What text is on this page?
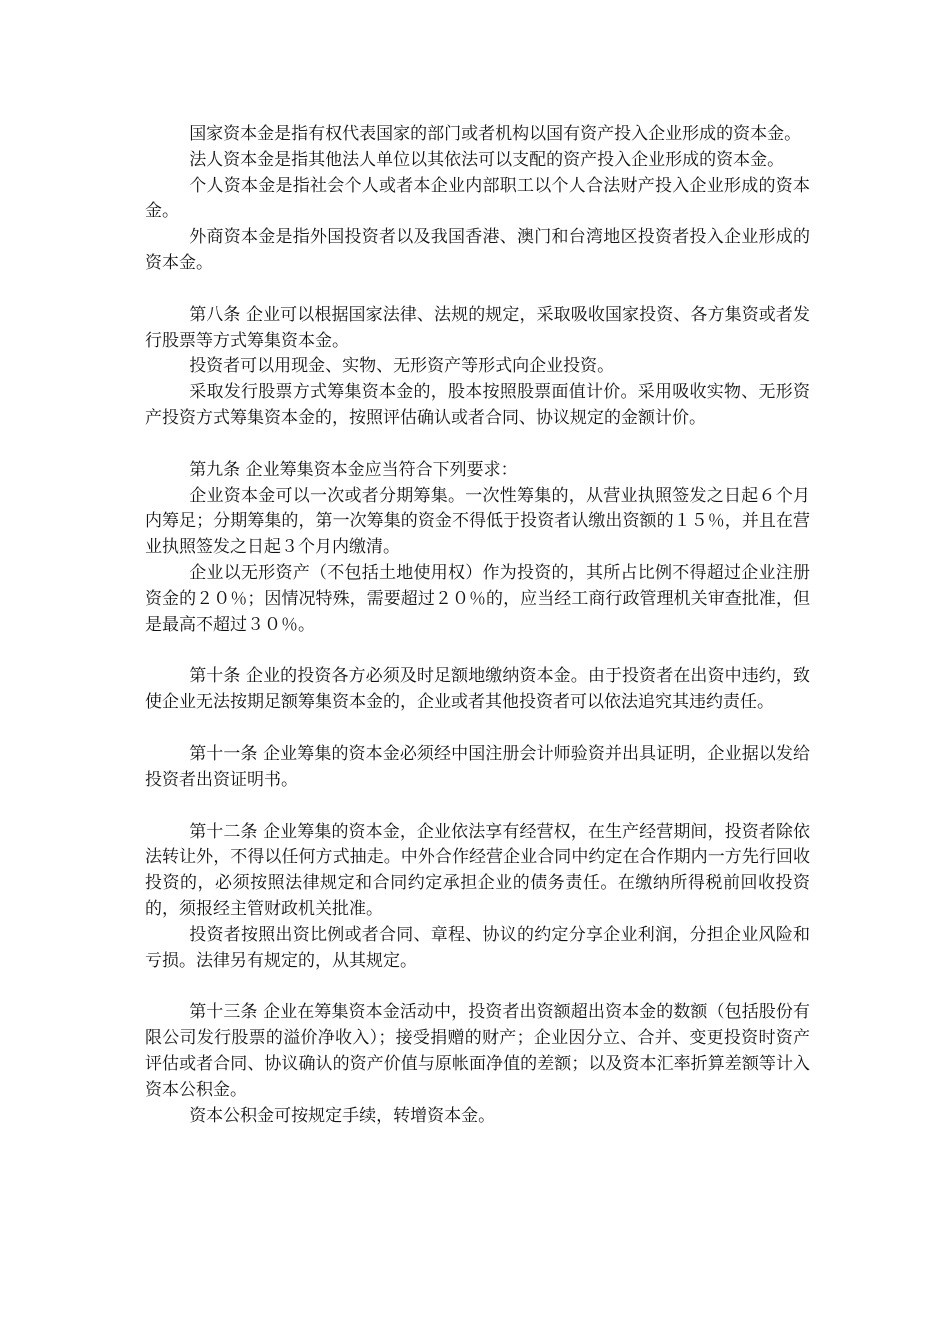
国家资本金是指有权代表国家的部门或者机构以国有资产投入企业形成的资本金。

法人资本金是指其他法人单位以其依法可以支配的资产投入企业形成的资本金。

个人资本金是指社会个人或者本企业内部职工以个人合法财产投入企业形成的资本金。

外商资本金是指外国投资者以及我国香港、澳门和台湾地区投资者投入企业形成的资本金。

第八条 企业可以根据国家法律、法规的规定，采取吸收国家投资、各方集资或者发行股票等方式筹集资本金。

投资者可以用现金、实物、无形资产等形式向企业投资。

采取发行股票方式筹集资本金的，股本按照股票面值计价。采用吸收实物、无形资产投资方式筹集资本金的，按照评估确认或者合同、协议规定的金额计价。

第九条 企业筹集资本金应当符合下列要求：

企业资本金可以一次或者分期筹集。一次性筹集的，从营业执照签发之日起６个月内筹足；分期筹集的，第一次筹集的资金不得低于投资者认缴出资额的１５％，并且在营业执照签发之日起３个月内缴清。

企业以无形资产（不包括土地使用权）作为投资的，其所占比例不得超过企业注册资金的２０％；因情况特殊，需要超过２０％的，应当经工商行政管理机关审查批准，但是最高不超过３０％。

第十条 企业的投资各方必须及时足额地缴纳资本金。由于投资者在出资中违约，致使企业无法按期足额筹集资本金的，企业或者其他投资者可以依法追究其违约责任。

第十一条 企业筹集的资本金必须经中国注册会计师验资并出具证明，企业据以发给投资者出资证明书。

第十二条 企业筹集的资本金，企业依法享有经营权，在生产经营期间，投资者除依法转让外，不得以任何方式抽走。中外合作经营企业合同中约定在合作期内一方先行回收投资的，必须按照法律规定和合同约定承担企业的债务责任。在缴纳所得税前回收投资的，须报经主管财政机关批准。

投资者按照出资比例或者合同、章程、协议的约定分享企业利润，分担企业风险和亏损。法律另有规定的，从其规定。

第十三条 企业在筹集资本金活动中，投资者出资额超出资本金的数额（包括股份有限公司发行股票的溢价净收入）；接受捐赠的财产；企业因分立、合并、变更投资时资产评估或者合同、协议确认的资产价值与原帐面净值的差额；以及资本汇率折算差额等计入资本公积金。

资本公积金可按规定手续，转增资本金。
